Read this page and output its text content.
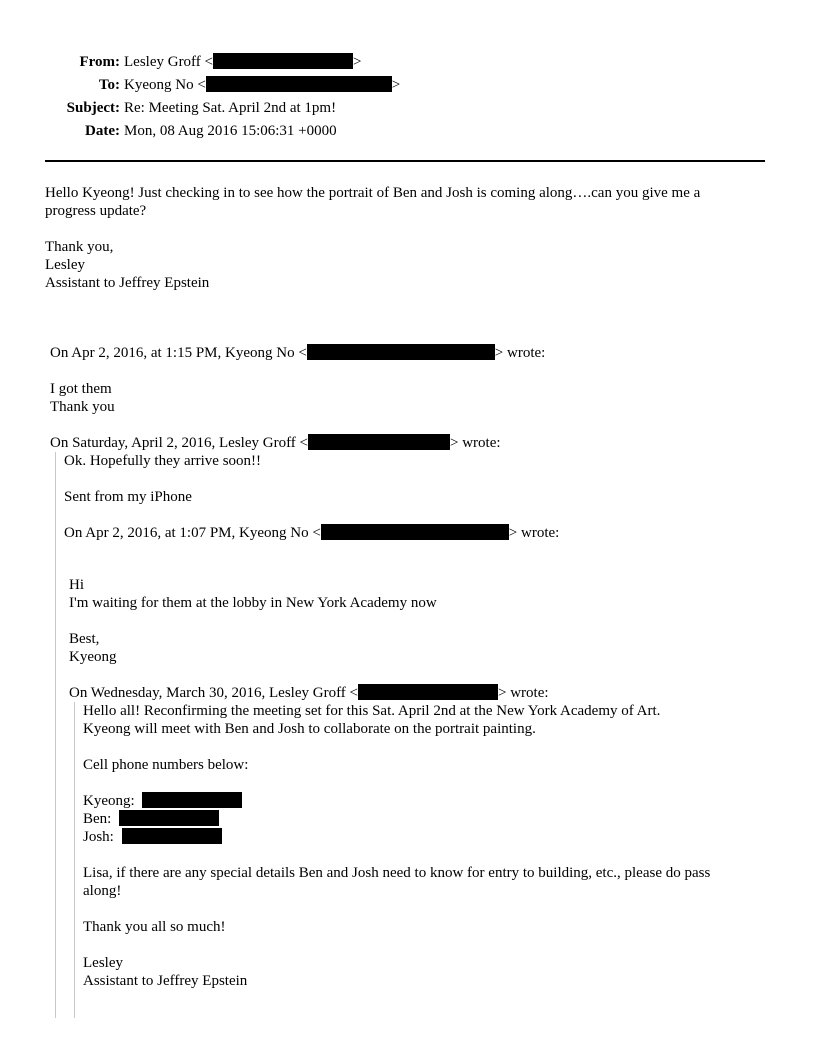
From: Lesley Groff <	>
To: Kyeong No <	>
Subject: Re: Meeting Sat. April 2nd at 1pm!
Date: Mon, 08 Aug 2016 15:06:31 +0000
Hello Kyeong! Just checking in to see how the portrait of Ben and Josh is coming along….can you give me a
progress update?
Thank you,
Lesley
Assistant to Jeffrey Epstein
On Apr 2, 2016, at 1:15 PM, Kyeong No <	> wrote:
I got them
Thank you
On Saturday, April 2, 2016, Lesley Groff <	> wrote:
Ok. Hopefully they arrive soon!!
Sent from my iPhone
On Apr 2, 2016, at 1:07 PM, Kyeong No <	> wrote:
Hi
I'm waiting for them at the lobby in New York Academy now
Best,
Kyeong
On Wednesday, March 30, 2016, Lesley Groff <	> wrote:
Hello all! Reconfirming the meeting set for this Sat. April 2nd at the New York Academy of Art.
Kyeong will meet with Ben and Josh to collaborate on the portrait painting.
Cell phone numbers below:
Kyeong:
Ben:
Josh:
Lisa, if there are any special details Ben and Josh need to know for entry to building, etc., please do pass
along!
Thank you all so much!
Lesley
Assistant to Jeffrey Epstein
